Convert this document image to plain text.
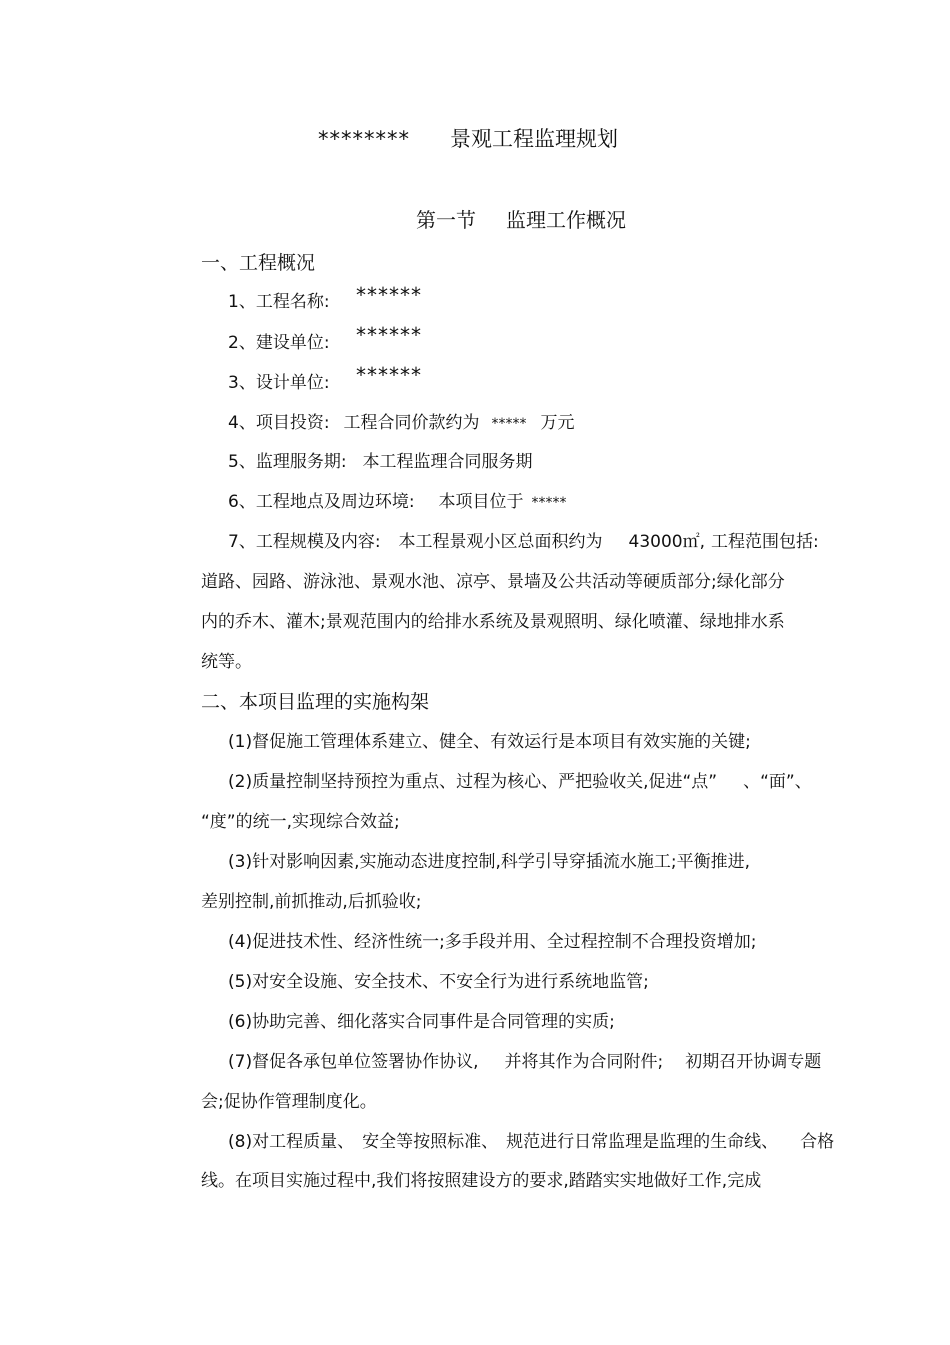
******** 景观工程监理规划
第一节 监理工作概况
一、工程概况
1、工程名称: ******
2、建设单位: ******
3、设计单位: ******
4、项目投资: 工程合同价款约为 ***** 万元
5、监理服务期: 本工程监理合同服务期
6、工程地点及周边环境: 本项目位于 *****
7、工程规模及内容: 本工程景观小区总面积约为 43000㎡, 工程范围包括:
道路、园路、游泳池、景观水池、凉亭、景墙及公共活动等硬质部分;绿化部分
内的乔木、灌木;景观范围内的给排水系统及景观照明、绿化喷灌、绿地排水系
统等。
二、本项目监理的实施构架
(1)督促施工管理体系建立、健全、有效运行是本项目有效实施的关键;
(2)质量控制坚持预控为重点、过程为核心、严把验收关,促进“点” 、“面”、
“度”的统一,实现综合效益;
(3)针对影响因素,实施动态进度控制,科学引导穿插流水施工;平衡推进,
差别控制,前抓推动,后抓验收;
(4)促进技术性、经济性统一;多手段并用、全过程控制不合理投资增加;
(5)对安全设施、安全技术、不安全行为进行系统地监管;
(6)协助完善、细化落实合同事件是合同管理的实质;
(7)督促各承包单位签署协作协议, 并将其作为合同附件; 初期召开协调专题
会;促协作管理制度化。
(8)对工程质量、 安全等按照标准、 规范进行日常监理是监理的生命线、 合格
线。在项目实施过程中,我们将按照建设方的要求,踏踏实实地做好工作,完成
